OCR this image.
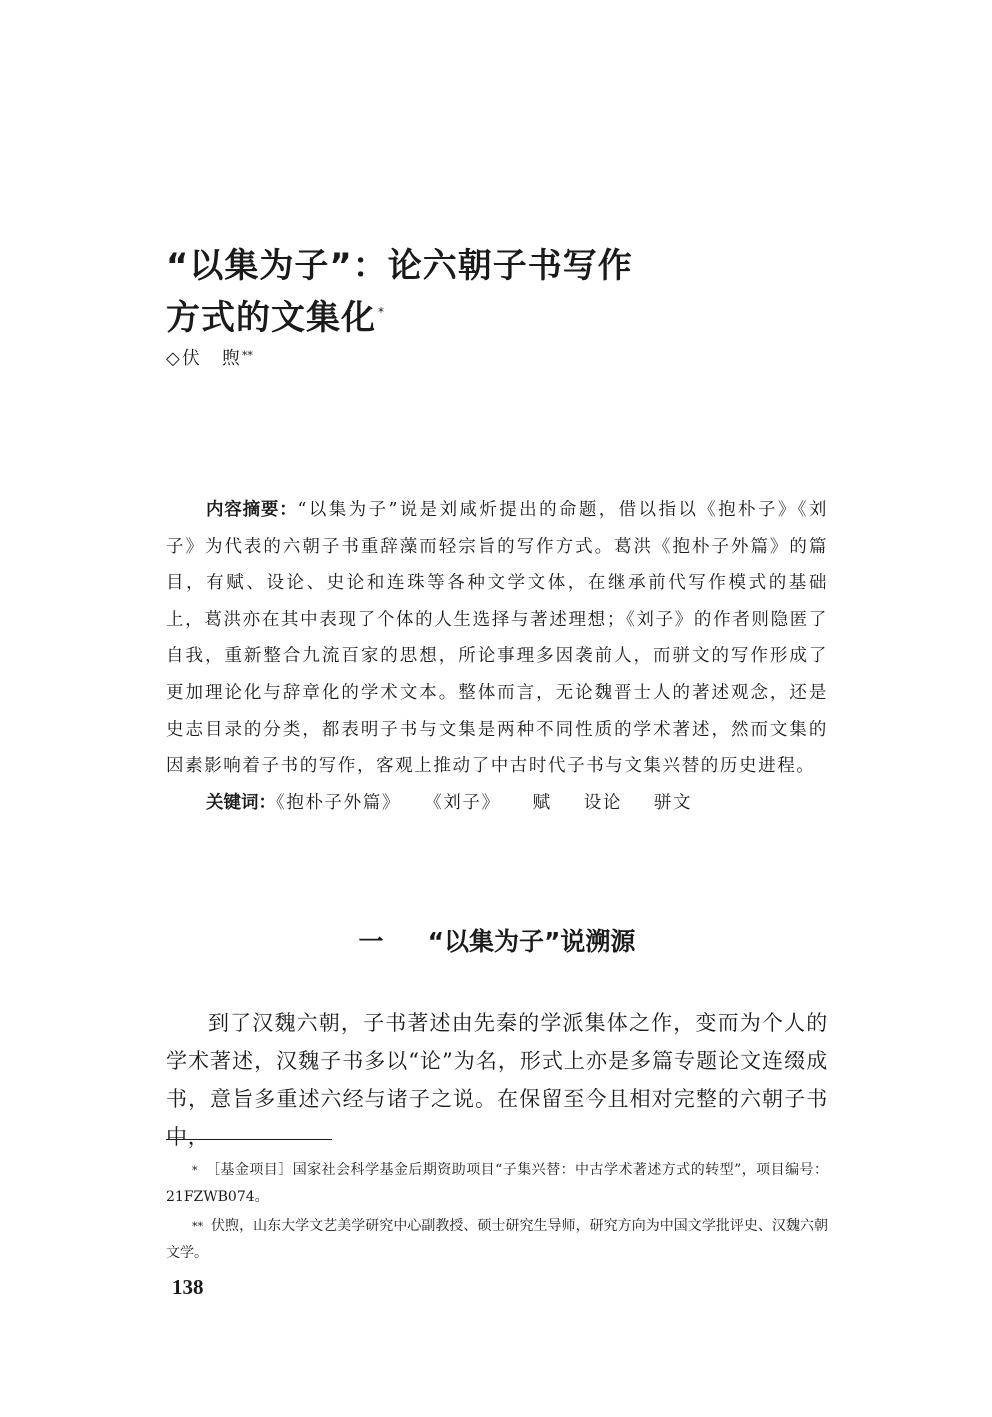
“以集为子”：论六朝子书写作
方式的文集化 *
◇伏　煦**

内容摘要：“以集为子”说是刘咸炘提出的命题，借以指以《抱朴子》《刘子》为代表的六朝子书重辞藻而轻宗旨的写作方式。葛洪《抱朴子外篇》的篇目，有赋、设论、史论和连珠等各种文学文体，在继承前代写作模式的基础上，葛洪亦在其中表现了个体的人生选择与著述理想；《刘子》的作者则隐匿了自我，重新整合九流百家的思想，所论事理多因袭前人，而骈文的写作形成了更加理论化与辞章化的学术文本。整体而言，无论魏晋士人的著述观念，还是史志目录的分类，都表明子书与文集是两种不同性质的学术著述，然而文集的因素影响着子书的写作，客观上推动了中古时代子书与文集兴替的历史进程。

关键词：《抱朴子外篇》 《刘子》 赋 设论 骈文

一 “以集为子”说溯源

到了汉魏六朝，子书著述由先秦的学派集体之作，变而为个人的学术著述，汉魏子书多以“论”为名，形式上亦是多篇专题论文连缀成书，意旨多重述六经与诸子之说。在保留至今且相对完整的六朝子书中，

* ［基金项目］国家社会科学基金后期资助项目“子集兴替：中古学术著述方式的转型”，项目编号：21FZWB074。

** 伏煦，山东大学文艺美学研究中心副教授、硕士研究生导师，研究方向为中国文学批评史、汉魏六朝文学。

138
